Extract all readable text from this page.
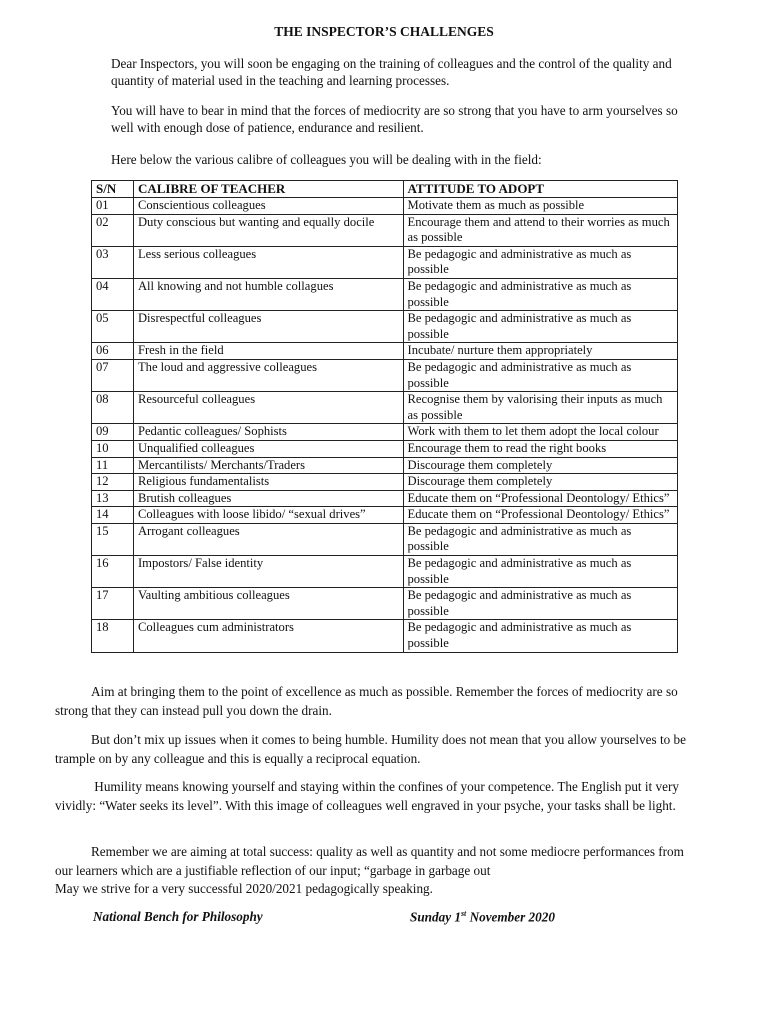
THE INSPECTOR’S CHALLENGES
Dear Inspectors, you will soon be engaging on the training of colleagues and the control of the quality and quantity of material used in the teaching and learning processes.
You will have to bear in mind that the forces of mediocrity are so strong that you have to arm yourselves so well with enough dose of patience, endurance and resilient.
Here below the various calibre of colleagues you will be dealing with in the field:
S/N	CALIBRE OF TEACHER	ATTITUDE TO ADOPT
01	Conscientious colleagues	Motivate them as much as possible
02	Duty conscious but wanting and equally docile	Encourage them and attend to their worries as much as possible
03	Less serious colleagues	Be pedagogic and administrative as much as possible
04	All knowing and not humble collagues	Be pedagogic and administrative as much as possible
05	Disrespectful colleagues	Be pedagogic and administrative as much as possible
06	Fresh in the field	Incubate/ nurture them appropriately
07	The loud and aggressive colleagues	Be pedagogic and administrative as much as possible
08	Resourceful colleagues	Recognise them by valorising their inputs as much as possible
09	Pedantic colleagues/ Sophists	Work with them to let them adopt the local colour
10	Unqualified colleagues	Encourage them to read the right books
11	Mercantilists/ Merchants/Traders	Discourage them completely
12	Religious fundamentalists	Discourage them completely
13	Brutish colleagues	Educate them on “Professional Deontology/ Ethics”
14	Colleagues with loose libido/ “sexual drives”	Educate them on “Professional Deontology/ Ethics”
15	Arrogant colleagues	Be pedagogic and administrative as much as possible
16	Impostors/ False identity	Be pedagogic and administrative as much as possible
17	Vaulting ambitious colleagues	Be pedagogic and administrative as much as possible
18	Colleagues cum administrators	Be pedagogic and administrative as much as possible
Aim at bringing them to the point of excellence as much as possible. Remember the forces of mediocrity are so strong that they can instead pull you down the drain.
But don’t mix up issues when it comes to being humble. Humility does not mean that you allow yourselves to be trample on by any colleague and this is equally a reciprocal equation.
Humility means knowing yourself and staying within the confines of your competence. The English put it very vividly: “Water seeks its level”. With this image of colleagues well engraved in your psyche, your tasks shall be light.
Remember we are aiming at total success: quality as well as quantity and not some mediocre performances from our learners which are a justifiable reflection of our input; “garbage in garbage out
May we strive for a very successful 2020/2021 pedagogically speaking.
National Bench for Philosophy	Sunday 1st November 2020
